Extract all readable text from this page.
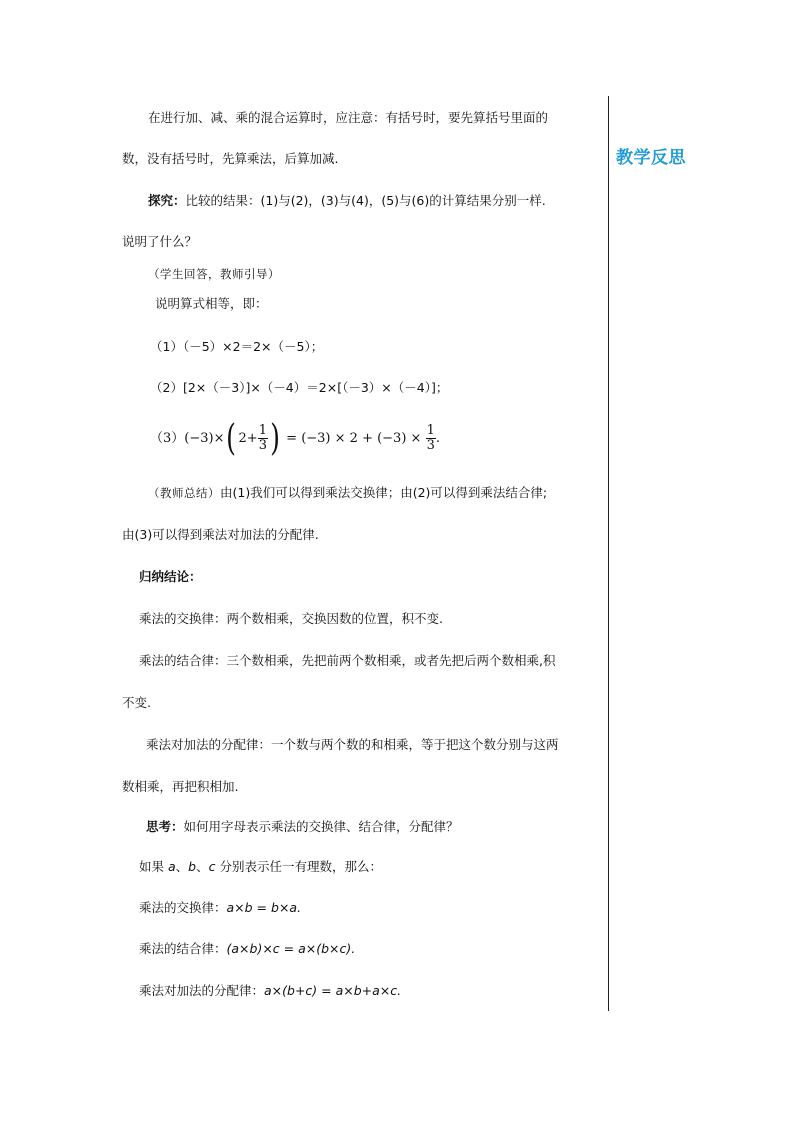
教学反思
在进行加、减、乘的混合运算时，应注意：有括号时，要先算括号里面的
数，没有括号时，先算乘法，后算加减.
探究：比较的结果：(1)与(2)，(3)与(4)，(5)与(6)的计算结果分别一样.
说明了什么？
（学生回答，教师引导）
说明算式相等，即：
（1）（－5）×2＝2×（－5）；
（2）[2×（－3）]×（－4）＝2×[（－3）×（－4）]；
（3）(−3)×( $2+ \frac{1}{3}$ ) = $(-3) \times 2 + (-3) \times \frac{1}{3}$ .
（教师总结）由(1)我们可以得到乘法交换律；由(2)可以得到乘法结合律;
由(3)可以得到乘法对加法的分配律.
归纳结论：
乘法的交换律：两个数相乘，交换因数的位置，积不变.
乘法的结合律：三个数相乘，先把前两个数相乘，或者先把后两个数相乘,积
不变.
乘法对加法的分配律：一个数与两个数的和相乘，等于把这个数分别与这两
数相乘，再把积相加.
思考：如何用字母表示乘法的交换律、结合律，分配律？
如果 a、b、c 分别表示任一有理数，那么：
乘法的交换律：a×b = b×a.
乘法的结合律：(a×b)×c = a×(b×c).
乘法对加法的分配律：a×(b+c) = a×b+a×c.
